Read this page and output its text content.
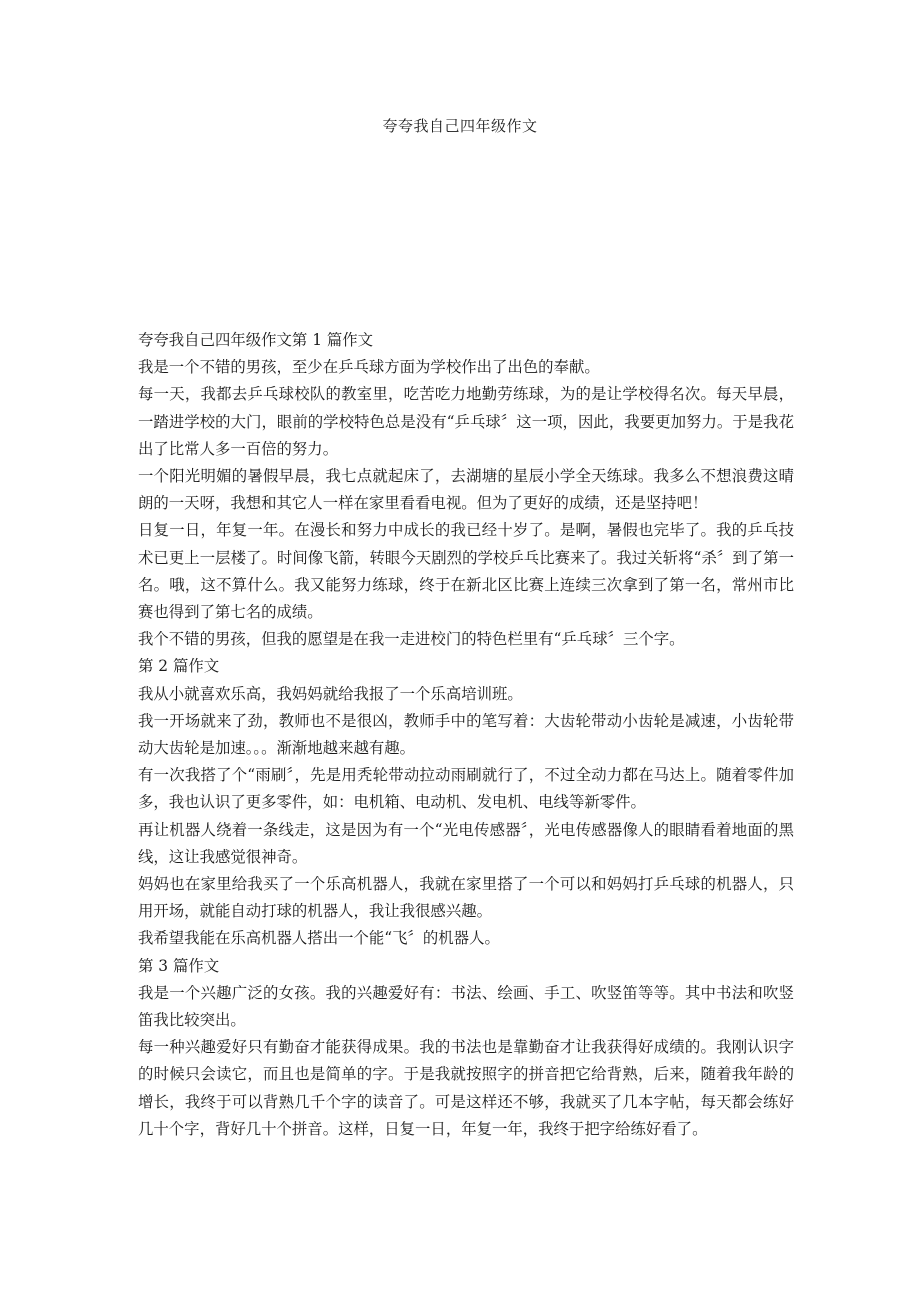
夸夸我自己四年级作文

夸夸我自己四年级作文第 1 篇作文

我是一个不错的男孩，至少在乒乓球方面为学校作出了出色的奉献。

每一天，我都去乒乓球校队的教室里，吃苦吃力地勤劳练球，为的是让学校得名次。每天早晨，一踏进学校的大门，眼前的学校特色总是没有“乒乓球〞这一项，因此，我要更加努力。于是我花出了比常人多一百倍的努力。

一个阳光明媚的暑假早晨，我七点就起床了，去湖塘的星辰小学全天练球。我多么不想浪费这晴朗的一天呀，我想和其它人一样在家里看看电视。但为了更好的成绩，还是坚持吧！

日复一日，年复一年。在漫长和努力中成长的我已经十岁了。是啊，暑假也完毕了。我的乒乓技术已更上一层楼了。时间像飞箭，转眼今天剧烈的学校乒乓比赛来了。我过关斩将“杀〞到了第一名。哦，这不算什么。我又能努力练球，终于在新北区比赛上连续三次拿到了第一名，常州市比赛也得到了第七名的成绩。

我个不错的男孩，但我的愿望是在我一走进校门的特色栏里有“乒乓球〞三个字。

第 2 篇作文

我从小就喜欢乐高，我妈妈就给我报了一个乐高培训班。

我一开场就来了劲，教师也不是很凶，教师手中的笔写着：大齿轮带动小齿轮是减速，小齿轮带动大齿轮是加速。。。渐渐地越来越有趣。

有一次我搭了个“雨刷〞，先是用秃轮带动拉动雨刷就行了，不过全动力都在马达上。随着零件加多，我也认识了更多零件，如：电机箱、电动机、发电机、电线等新零件。

再让机器人绕着一条线走，这是因为有一个“光电传感器〞，光电传感器像人的眼睛看着地面的黑线，这让我感觉很神奇。

妈妈也在家里给我买了一个乐高机器人，我就在家里搭了一个可以和妈妈打乒乓球的机器人，只用开场，就能自动打球的机器人，我让我很感兴趣。

我希望我能在乐高机器人搭出一个能“飞〞的机器人。

第 3 篇作文

我是一个兴趣广泛的女孩。我的兴趣爱好有：书法、绘画、手工、吹竖笛等等。其中书法和吹竖笛我比较突出。

每一种兴趣爱好只有勤奋才能获得成果。我的书法也是靠勤奋才让我获得好成绩的。我刚认识字的时候只会读它，而且也是简单的字。于是我就按照字的拼音把它给背熟，后来，随着我年龄的增长，我终于可以背熟几千个字的读音了。可是这样还不够，我就买了几本字帖，每天都会练好几十个字，背好几十个拼音。这样，日复一日，年复一年，我终于把字给练好看了。
